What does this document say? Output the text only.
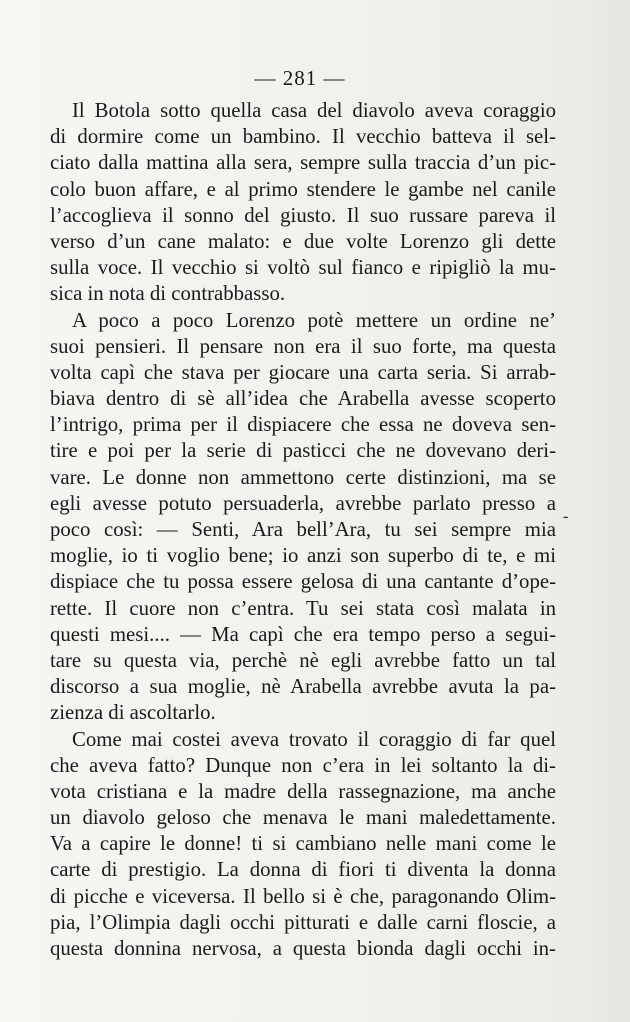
— 281 —
Il Botola sotto quella casa del diavolo aveva coraggio
di dormire come un bambino. Il vecchio batteva il sel-
ciato dalla mattina alla sera, sempre sulla traccia d’un pic-
colo buon affare, e al primo stendere le gambe nel canile
l’accoglieva il sonno del giusto. Il suo russare pareva il
verso d’un cane malato: e due volte Lorenzo gli dette
sulla voce. Il vecchio si voltò sul fianco e ripigliò la mu-
sica in nota di contrabbasso.
A poco a poco Lorenzo potè mettere un ordine ne’
suoi pensieri. Il pensare non era il suo forte, ma questa
volta capì che stava per giocare una carta seria. Si arrab-
biava dentro di sè all’idea che Arabella avesse scoperto
l’intrigo, prima per il dispiacere che essa ne doveva sen-
tire e poi per la serie di pasticci che ne dovevano deri-
vare. Le donne non ammettono certe distinzioni, ma se
egli avesse potuto persuaderla, avrebbe parlato presso a
poco così: — Senti, Ara bell’Ara, tu sei sempre mia
moglie, io ti voglio bene; io anzi son superbo di te, e mi
dispiace che tu possa essere gelosa di una cantante d’ope-
rette. Il cuore non c’entra. Tu sei stata così malata in
questi mesi.... — Ma capì che era tempo perso a segui-
tare su questa via, perchè nè egli avrebbe fatto un tal
discorso a sua moglie, nè Arabella avrebbe avuta la pa-
zienza di ascoltarlo.
Come mai costei aveva trovato il coraggio di far quel
che aveva fatto? Dunque non c’era in lei soltanto la di-
vota cristiana e la madre della rassegnazione, ma anche
un diavolo geloso che menava le mani maledettamente.
Va a capire le donne! ti si cambiano nelle mani come le
carte di prestigio. La donna di fiori ti diventa la donna
di picche e viceversa. Il bello si è che, paragonando Olim-
pia, l’Olimpia dagli occhi pitturati e dalle carni floscie, a
questa donnina nervosa, a questa bionda dagli occhi in-
-
